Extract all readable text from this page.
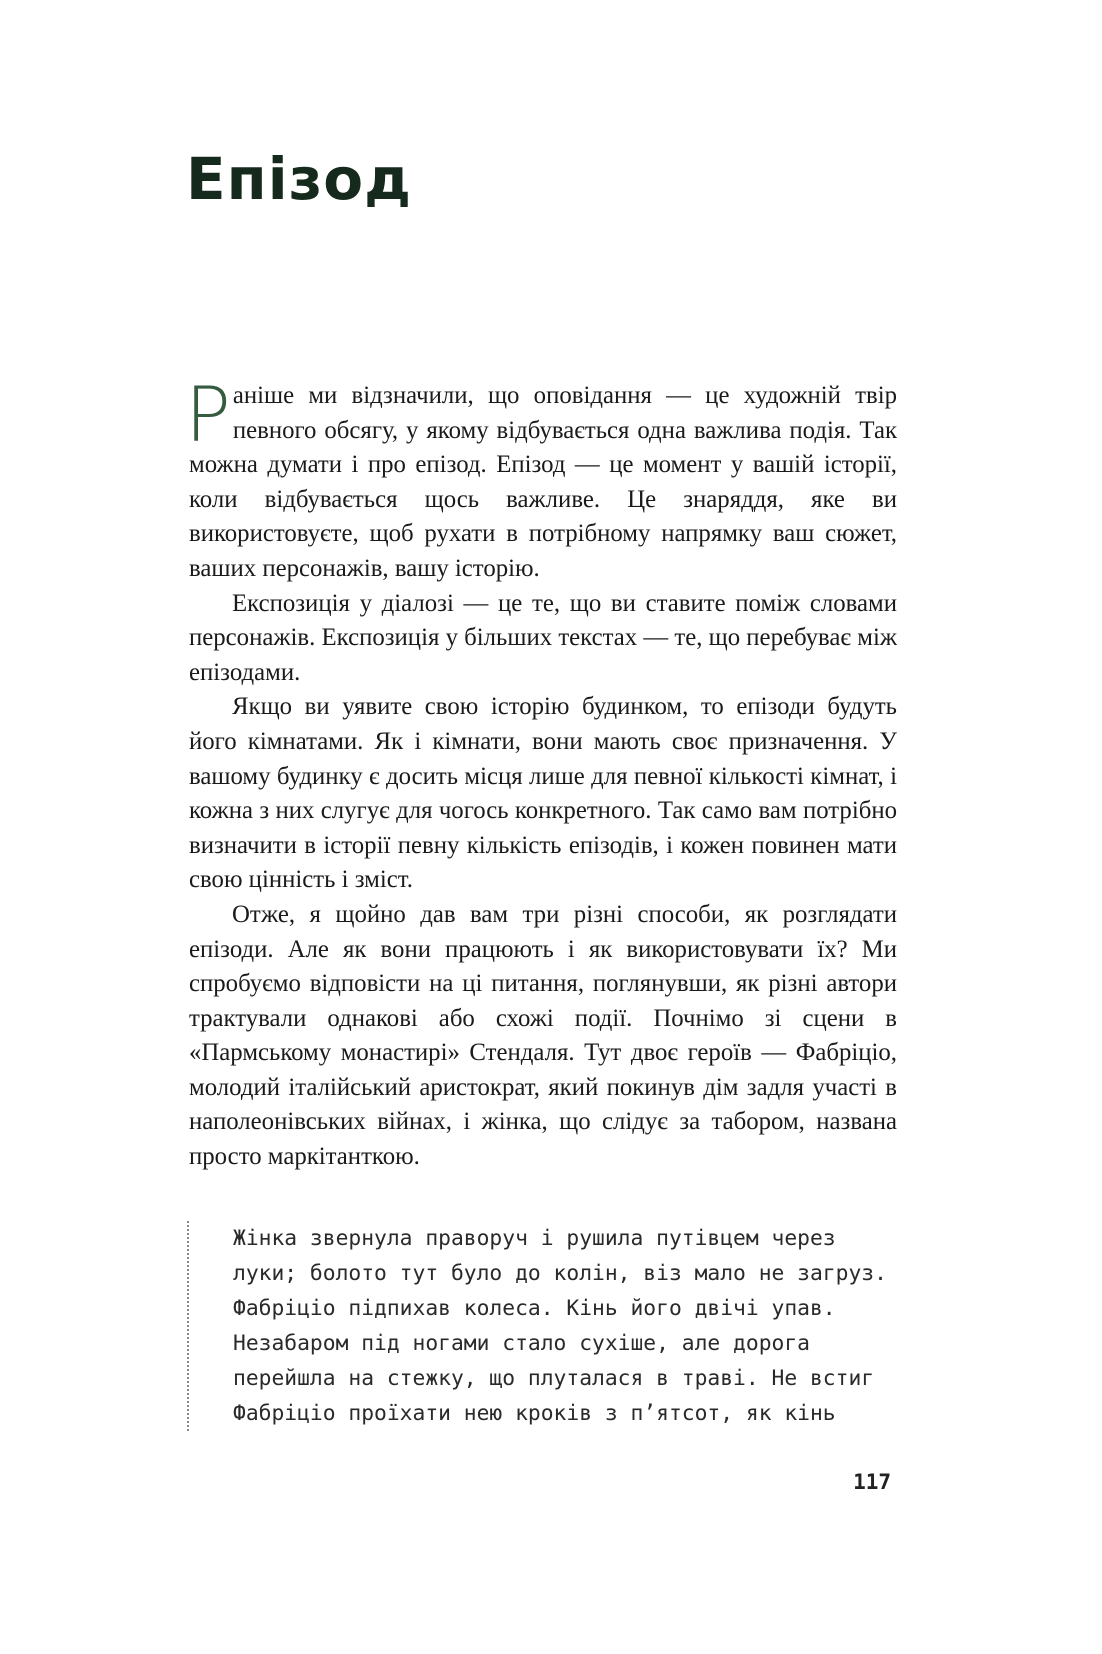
Епізод

Раніше ми відзначили, що оповідання — це художній твір певного обсягу, у якому відбувається одна важлива подія. Так можна думати і про епізод. Епізод — це момент у вашій історії, коли відбувається щось важливе. Це знаряддя, яке ви використовуєте, щоб рухати в потрібному напрямку ваш сюжет, ваших персонажів, вашу історію.

Експозиція у діалозі — це те, що ви ставите поміж словами персонажів. Експозиція у більших текстах — те, що перебуває між епізодами.

Якщо ви уявите свою історію будинком, то епізоди будуть його кімнатами. Як і кімнати, вони мають своє призначення. У вашому будинку є досить місця лише для певної кількості кімнат, і кожна з них слугує для чогось конкретного. Так само вам потрібно визначити в історії певну кількість епізодів, і кожен повинен мати свою цінність і зміст.

Отже, я щойно дав вам три різні способи, як розглядати епізоди. Але як вони працюють і як використовувати їх? Ми спробуємо відповісти на ці питання, поглянувши, як різні автори трактували однакові або схожі події. Почнімо зі сцени в «Пармському монастирі» Стендаля. Тут двоє героїв — Фабріціо, молодий італійський аристократ, який покинув дім задля участі в наполеонівських війнах, і жінка, що слідує за табором, названа просто маркітанткою.

Жінка звернула праворуч і рушила путівцем через
луки; болото тут було до колін, віз мало не загруз.
Фабріціо підпихав колеса. Кінь його двічі упав.
Незабаром під ногами стало сухіше, але дорога
перейшла на стежку, що плуталася в траві. Не встиг
Фабріціо проїхати нею кроків з п’ятсот, як кінь
117
